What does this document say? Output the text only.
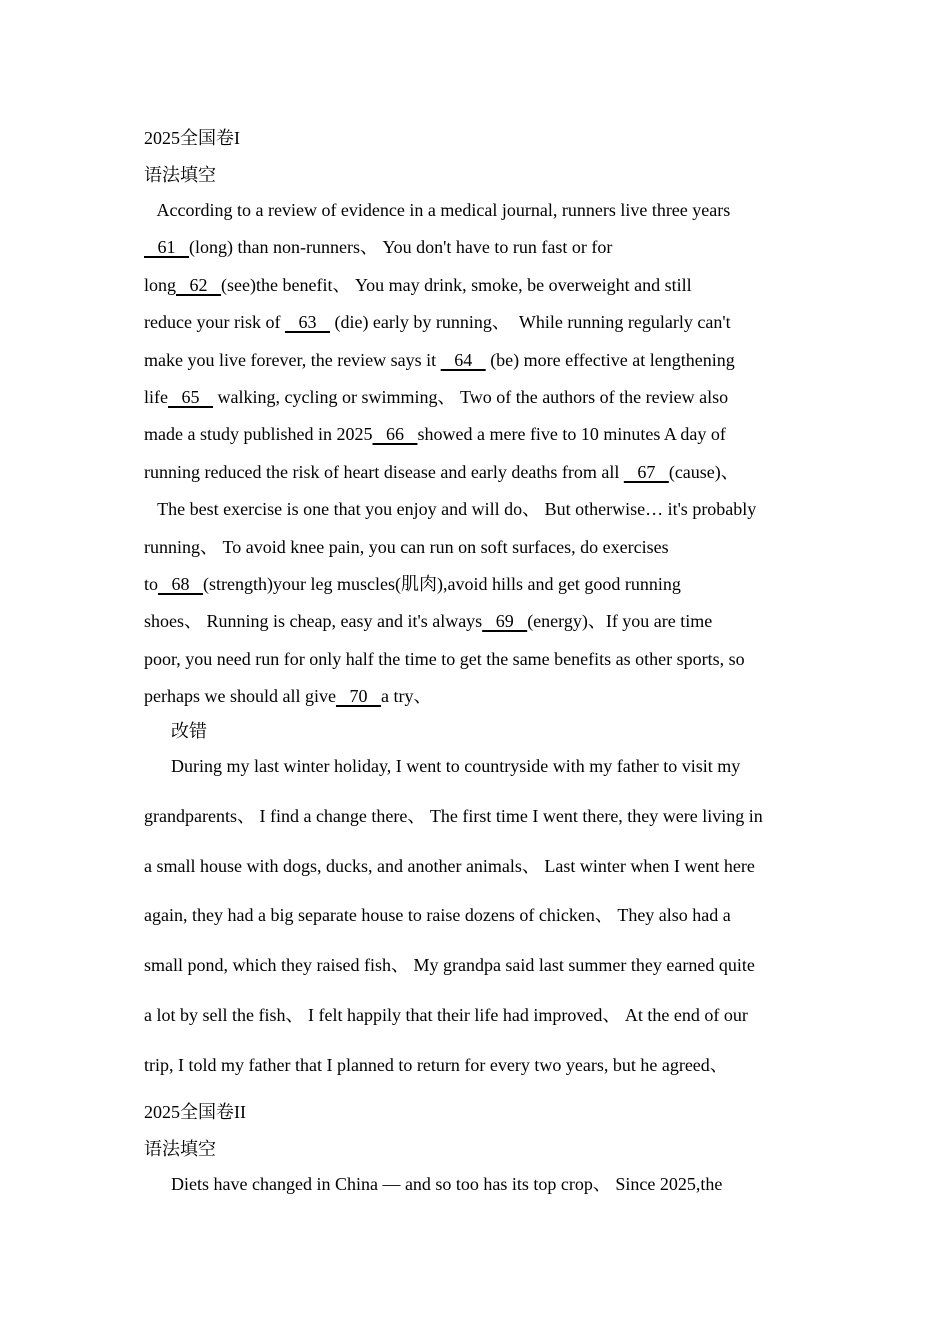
2025全国卷I
语法填空
According to a review of evidence in a medical journal, runners live three years
61   (long) than non-runners、 You don't have to run fast or for
long   62   (see)the benefit、 You may drink, smoke, be overweight and still
reduce your risk of    63    (die) early by running、  While running regularly can't
make you live forever, the review says it    64    (be) more effective at lengthening
life   65    walking, cycling or swimming、 Two of the authors of the review also
made a study published in 2025   66   showed a mere five to 10 minutes A day of
running reduced the risk of heart disease and early deaths from all    67   (cause)、
The best exercise is one that you enjoy and will do、 But otherwise… it's probably
running、 To avoid knee pain, you can run on soft surfaces, do exercises
to   68   (strength)your leg muscles(肌肉),avoid hills and get good running
shoes、 Running is cheap, easy and it's always   69   (energy)、If you are time
poor, you need run for only half the time to get the same benefits as other sports, so
perhaps we should all give   70   a try、
改错
During my last winter holiday, I went to countryside with my father to visit my
grandparents、 I find a change there、 The first time I went there, they were living in
a small house with dogs, ducks, and another animals、 Last winter when I went here
again, they had a big separate house to raise dozens of chicken、 They also had a
small pond, which they raised fish、 My grandpa said last summer they earned quite
a lot by sell the fish、 I felt happily that their life had improved、 At the end of our
trip, I told my father that I planned to return for every two years, but he agreed、
2025全国卷II
语法填空
Diets have changed in China — and so too has its top crop、 Since 2025,the
